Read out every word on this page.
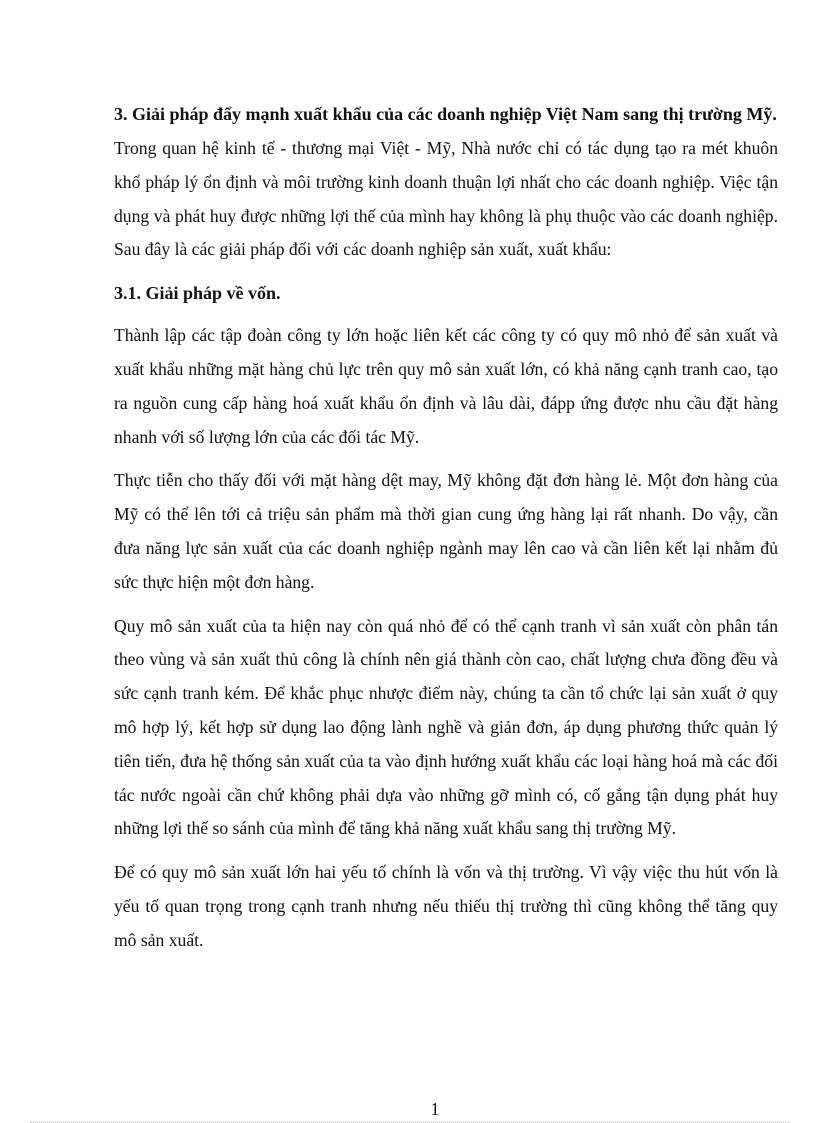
3. Giải pháp đẩy mạnh xuất khẩu của các doanh nghiệp Việt Nam sang thị trường Mỹ.

Trong quan hệ kinh tế - thương mại Việt - Mỹ, Nhà nước chỉ có tác dụng tạo ra mét khuôn khổ pháp lý ổn định và môi trường kinh doanh thuận lợi nhất cho các doanh nghiệp. Việc tận dụng và phát huy được những lợi thế của mình hay không là phụ thuộc vào các doanh nghiệp. Sau đây là các giải pháp đối với các doanh nghiệp sản xuất, xuất khẩu:

3.1. Giải pháp về vốn.

Thành lập các tập đoàn công ty lớn hoặc liên kết các công ty có quy mô nhỏ để sản xuất và xuất khẩu những mặt hàng chủ lực trên quy mô sản xuất lớn, có khả năng cạnh tranh cao, tạo ra nguồn cung cấp hàng hoá xuất khẩu ổn định và lâu dài, đápp ứng được nhu cầu đặt hàng nhanh với số lượng lớn của các đối tác Mỹ.

Thực tiễn cho thấy đối với mặt hàng dệt may, Mỹ không đặt đơn hàng lẻ. Một đơn hàng của Mỹ có thể lên tới cả triệu sản phẩm mà thời gian cung ứng hàng lại rất nhanh. Do vậy, cần đưa năng lực sản xuất của các doanh nghiệp ngành may lên cao và cần liên kết lại nhằm đủ sức thực hiện một đơn hàng.

Quy mô sản xuất của ta hiện nay còn quá nhỏ để có thể cạnh tranh vì sản xuất còn phân tán theo vùng và sản xuất thủ công là chính nên giá thành còn cao, chất lượng chưa đồng đều và sức cạnh tranh kém. Để khắc phục nhược điểm này, chúng ta cần tổ chức lại sản xuất ở quy mô hợp lý, kết hợp sử dụng lao động lành nghề và giản đơn, áp dụng phương thức quản lý tiên tiến, đưa hệ thống sản xuất của ta vào định hướng xuất khẩu các loại hàng hoá mà các đối tác nước ngoài cần chứ không phải dựa vào những gỡ mình có, cố gắng tận dụng phát huy những lợi thế so sánh của mình để tăng khả năng xuất khẩu sang thị trường Mỹ.

Để có quy mô sản xuất lớn hai yếu tố chính là vốn và thị trường. Vì vậy việc thu hút vốn là yếu tố quan trọng trong cạnh tranh nhưng nếu thiếu thị trường thì cũng không thể tăng quy mô sản xuất.

1
